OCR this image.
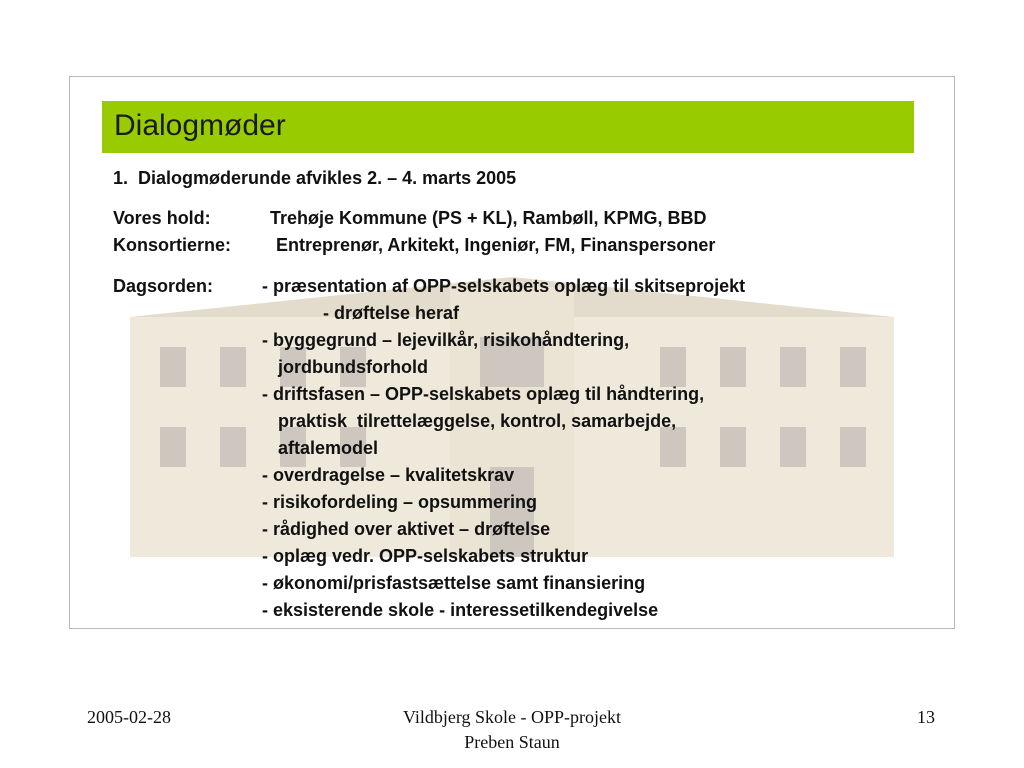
Dialogmøder
1.  Dialogmøderunde afvikles 2. – 4. marts 2005
Vores hold:	Trehøje Kommune (PS + KL), Rambøll, KPMG, BBD
Konsortierne: Entreprenør, Arkitekt, Ingeniør, FM, Finanspersoner
Dagsorden:	- præsentation af OPP-selskabets oplæg til skitseprojekt
- drøftelse heraf
- byggegrund – lejevilkår, risikohåndtering,
jordbundsforhold
- driftsfasen – OPP-selskabets oplæg til håndtering,
praktisk  tilrettelæggelse, kontrol, samarbejde,
aftalemodel
- overdragelse – kvalitetskrav
- risikofordeling – opsummering
- rådighed over aktivet – drøftelse
- oplæg vedr. OPP-selskabets struktur
- økonomi/prisfastsættelse samt finansiering
- eksisterende skole - interessetilkendegivelse
2005-02-28	Vildbjerg Skole - OPP-projekt
Preben Staun
13
